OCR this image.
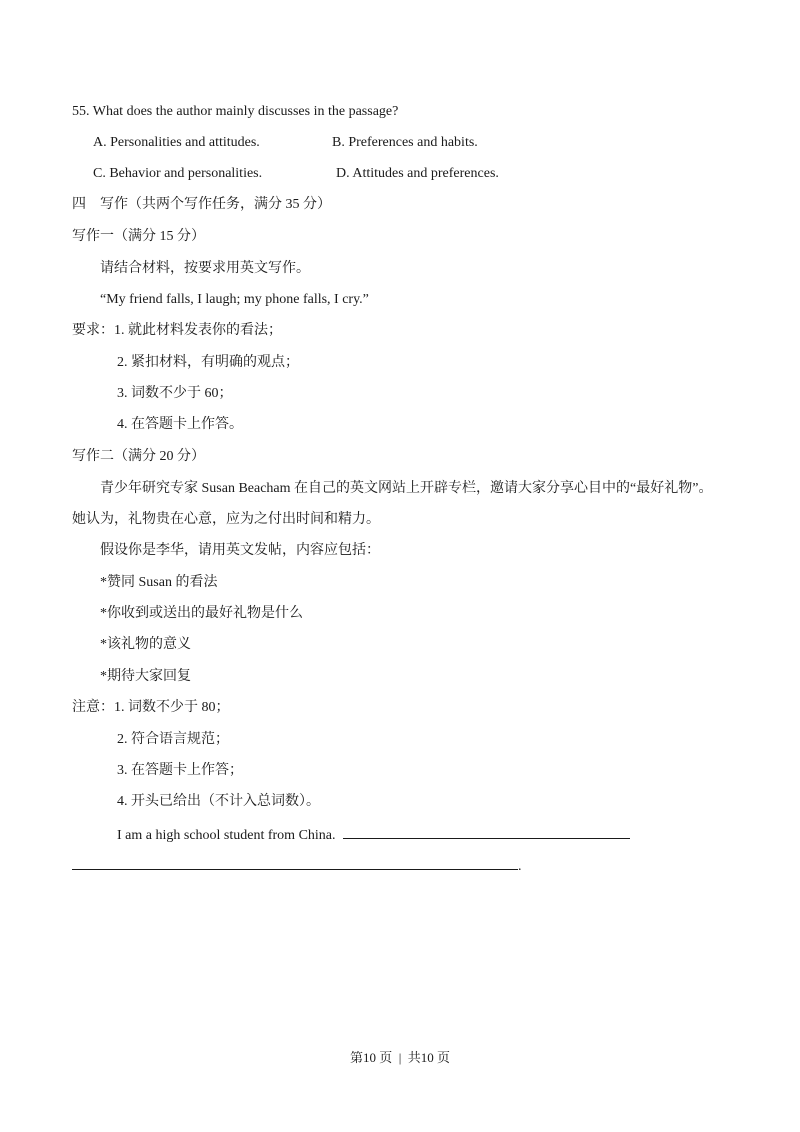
55. What does the author mainly discusses in the passage?
A. Personalities and attitudes.	B. Preferences and habits.
C. Behavior and personalities.	D. Attitudes and preferences.
四    写作（共两个写作任务，满分 35 分）
写作一（满分 15 分）
请结合材料，按要求用英文写作。
“My friend falls, I laugh; my phone falls, I cry.”
要求： 1. 就此材料发表你的看法；
2. 紧扣材料，有明确的观点；
3. 词数不少于 60；
4. 在答题卡上作答。
写作二（满分 20 分）
青少年研究专家 Susan Beacham 在自己的英文网站上开辟专栏，邀请大家分享心目中的“最好礼物”。
她认为，礼物贵在心意，应为之付出时间和精力。
假设你是李华，请用英文发帖，内容应包括：
*赞同 Susan 的看法
*你收到或送出的最好礼物是什么
*该礼物的意义
*期待大家回复
注意： 1. 词数不少于 80；
2. 符合语言规范；
3. 在答题卡上作答；
4. 开头已给出（不计入总词数）。
I am a high school student from China.
.
第10 页  |  共10 页
